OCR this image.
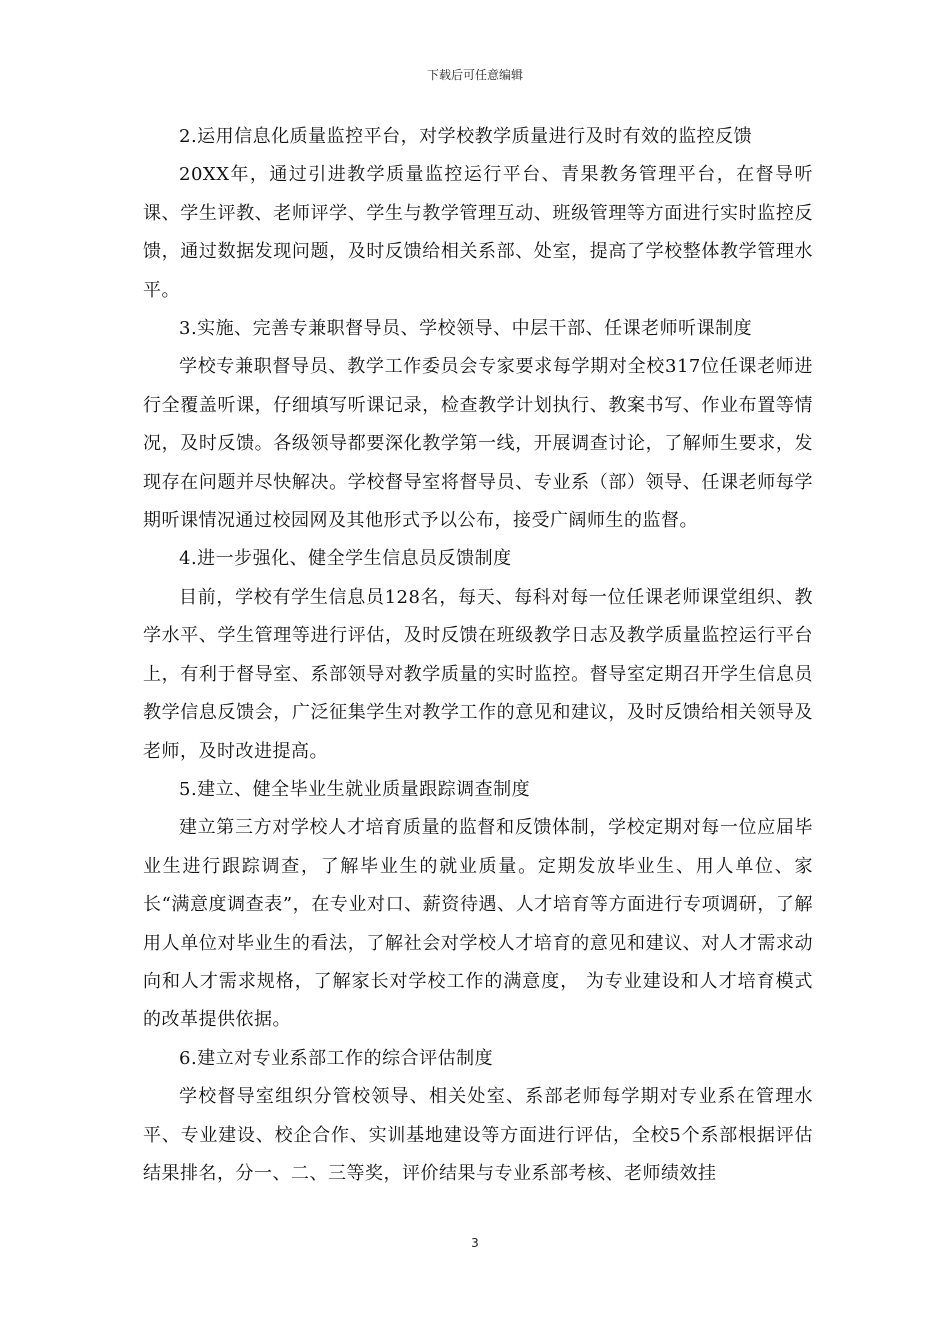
下载后可任意编辑

2.运用信息化质量监控平台，对学校教学质量进行及时有效的监控反馈

20XX年，通过引进教学质量监控运行平台、青果教务管理平台，在督导听课、学生评教、老师评学、学生与教学管理互动、班级管理等方面进行实时监控反馈，通过数据发现问题，及时反馈给相关系部、处室，提高了学校整体教学管理水平。

3.实施、完善专兼职督导员、学校领导、中层干部、任课老师听课制度

学校专兼职督导员、教学工作委员会专家要求每学期对全校317位任课老师进行全覆盖听课，仔细填写听课记录，检查教学计划执行、教案书写、作业布置等情况，及时反馈。各级领导都要深化教学第一线，开展调查讨论，了解师生要求，发现存在问题并尽快解决。学校督导室将督导员、专业系（部）领导、任课老师每学期听课情况通过校园网及其他形式予以公布，接受广阔师生的监督。

4.进一步强化、健全学生信息员反馈制度

目前，学校有学生信息员128名，每天、每科对每一位任课老师课堂组织、教学水平、学生管理等进行评估，及时反馈在班级教学日志及教学质量监控运行平台上，有利于督导室、系部领导对教学质量的实时监控。督导室定期召开学生信息员教学信息反馈会，广泛征集学生对教学工作的意见和建议，及时反馈给相关领导及老师，及时改进提高。

5.建立、健全毕业生就业质量跟踪调查制度

建立第三方对学校人才培育质量的监督和反馈体制，学校定期对每一位应届毕业生进行跟踪调查，了解毕业生的就业质量。定期发放毕业生、用人单位、家长“满意度调查表”，在专业对口、薪资待遇、人才培育等方面进行专项调研，了解用人单位对毕业生的看法，了解社会对学校人才培育的意见和建议、对人才需求动向和人才需求规格，了解家长对学校工作的满意度， 为专业建设和人才培育模式的改革提供依据。

6.建立对专业系部工作的综合评估制度

学校督导室组织分管校领导、相关处室、系部老师每学期对专业系在管理水平、专业建设、校企合作、实训基地建设等方面进行评估，全校5个系部根据评估结果排名，分一、二、三等奖，评价结果与专业系部考核、老师绩效挂

3
